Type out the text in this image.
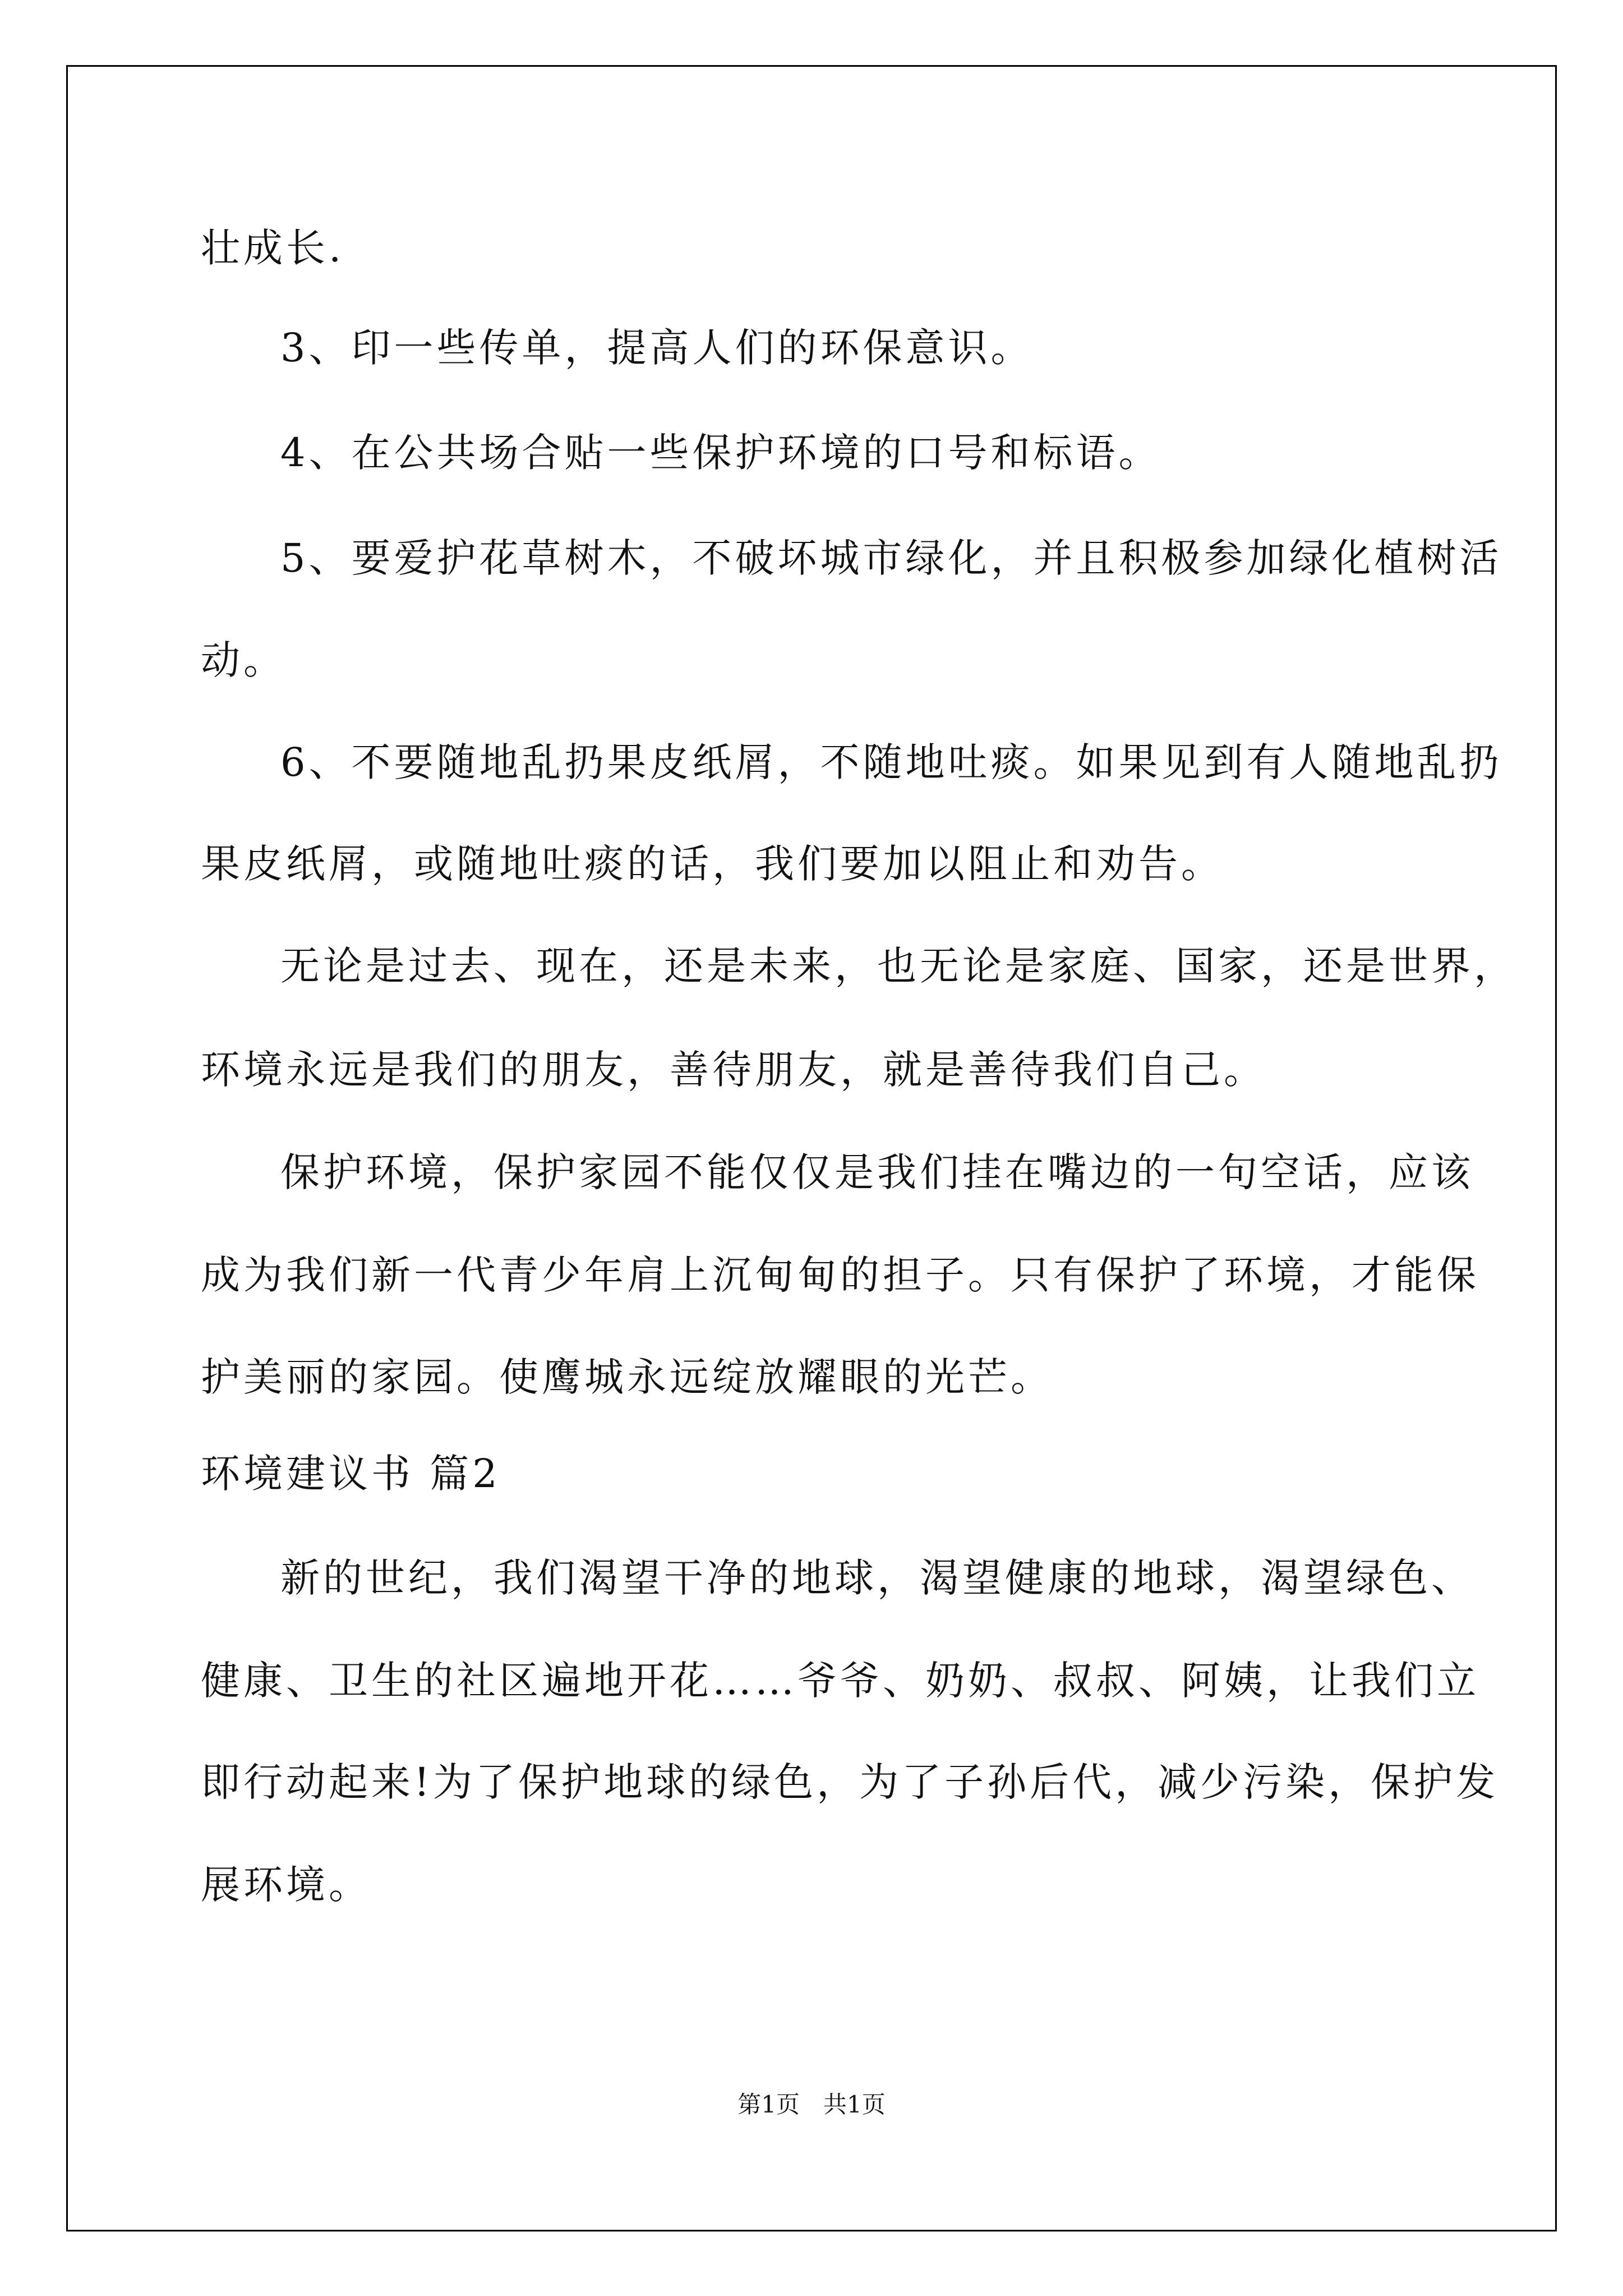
壮成长.

3、印一些传单，提高人们的环保意识。

4、在公共场合贴一些保护环境的口号和标语。

5、要爱护花草树木，不破坏城市绿化，并且积极参加绿化植树活

动。

6、不要随地乱扔果皮纸屑，不随地吐痰。如果见到有人随地乱扔

果皮纸屑，或随地吐痰的话，我们要加以阻止和劝告。

无论是过去、现在，还是未来，也无论是家庭、国家，还是世界，

环境永远是我们的朋友，善待朋友，就是善待我们自己。

保护环境，保护家园不能仅仅是我们挂在嘴边的一句空话，应该

成为我们新一代青少年肩上沉甸甸的担子。只有保护了环境，才能保

护美丽的家园。使鹰城永远绽放耀眼的光芒。

环境建议书 篇2

新的世纪，我们渴望干净的地球，渴望健康的地球，渴望绿色、

健康、卫生的社区遍地开花……爷爷、奶奶、叔叔、阿姨，让我们立

即行动起来!为了保护地球的绿色，为了子孙后代，减少污染，保护发

展环境。

第1页　共1页
